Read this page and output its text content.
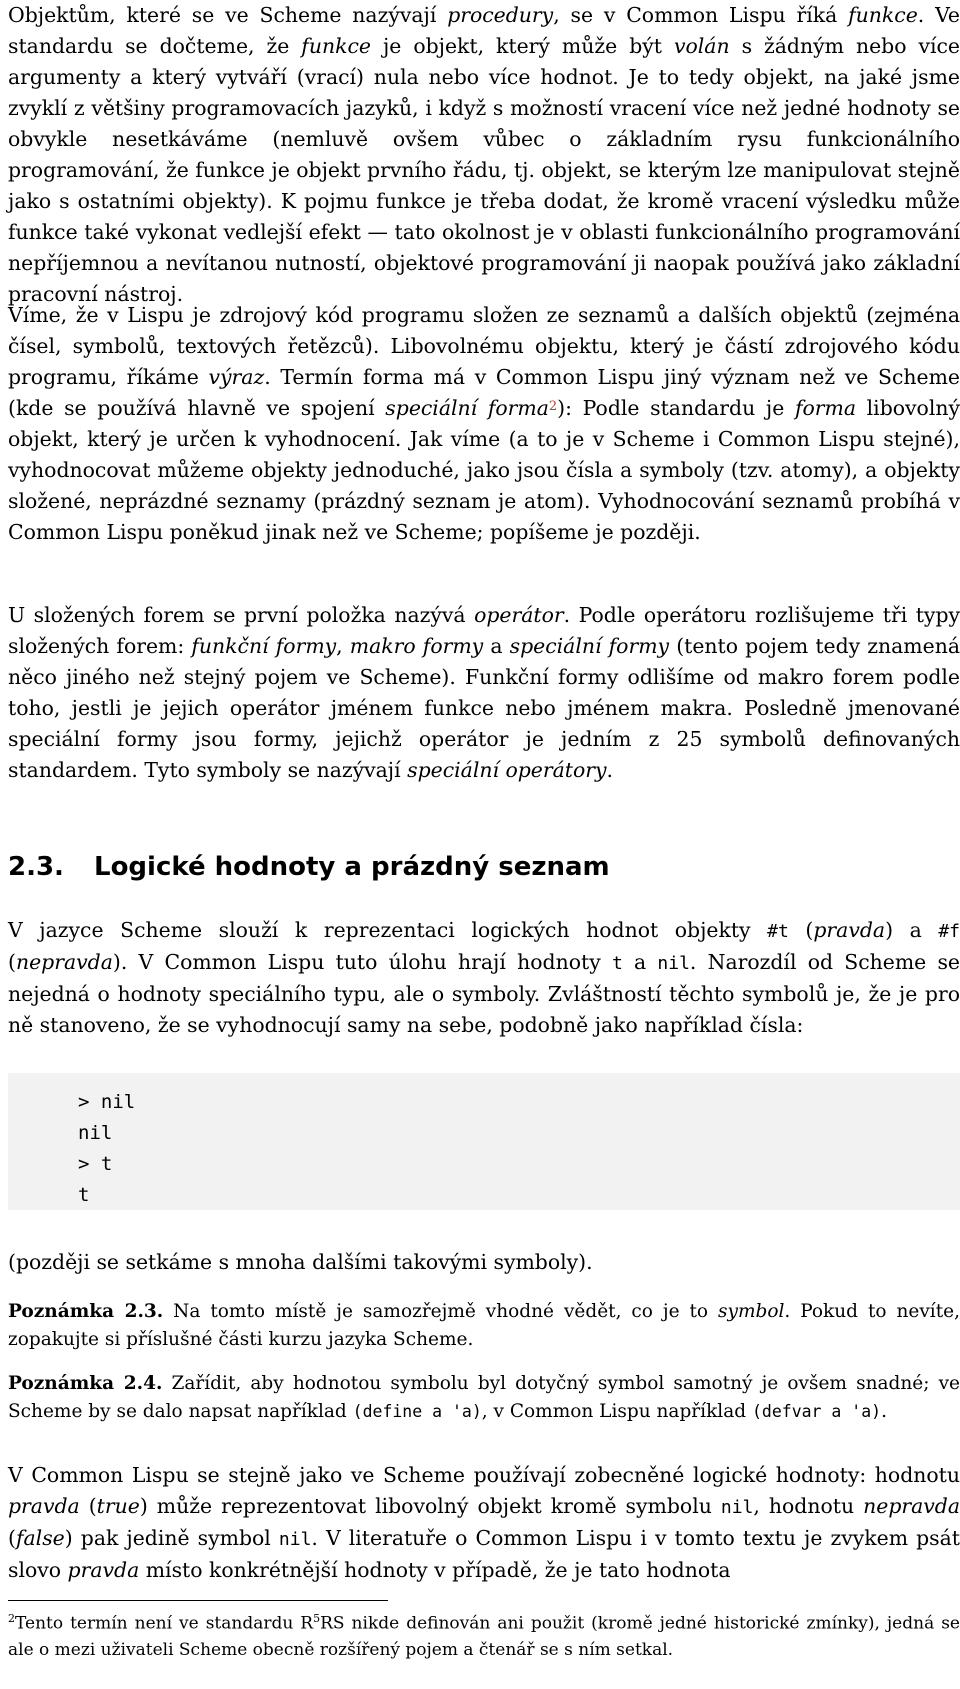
Objektům, které se ve Scheme nazývají procedury, se v Common Lispu říká funkce. Ve standardu se dočteme, že funkce je objekt, který může být volán s žádným nebo více argumenty a který vytváří (vrací) nula nebo více hodnot. Je to tedy objekt, na jaké jsme zvyklí z většiny programovacích jazyků, i když s možností vracení více než jedné hodnoty se obvykle nesetkáváme (nemluvě ovšem vůbec o základním rysu funkcionálního programování, že funkce je objekt prvního řádu, tj. objekt, se kterým lze manipulovat stejně jako s ostatními objekty). K pojmu funkce je třeba dodat, že kromě vracení výsledku může funkce také vykonat vedlejší efekt — tato okolnost je v oblasti funkcionálního programování nepříjemnou a nevítanou nutností, objektové programování ji naopak používá jako základní pracovní nástroj.

Víme, že v Lispu je zdrojový kód programu složen ze seznamů a dalších objektů (zejména čísel, symbolů, textových řetězců). Libovolnému objektu, který je částí zdrojového kódu programu, říkáme výraz. Termín forma má v Common Lispu jiný význam než ve Scheme (kde se používá hlavně ve spojení speciální forma$^2$): Podle standardu je forma libovolný objekt, který je určen k vyhodnocení. Jak víme (a to je v Scheme i Common Lispu stejné), vyhodnocovat můžeme objekty jednoduché, jako jsou čísla a symboly (tzv. atomy), a objekty složené, neprázdné seznamy (prázdný seznam je atom). Vyhodnocování seznamů probíhá v Common Lispu poněkud jinak než ve Scheme; popíšeme je později.

U složených forem se první položka nazývá operátor. Podle operátoru rozlišujeme tři typy složených forem: funkční formy, makro formy a speciální formy (tento pojem tedy znamená něco jiného než stejný pojem ve Scheme). Funkční formy odlišíme od makro forem podle toho, jestli je jejich operátor jménem funkce nebo jménem makra. Posledně jmenované speciální formy jsou formy, jejichž operátor je jedním z 25 symbolů definovaných standardem. Tyto symboly se nazývají speciální operátory.

2.3. Logické hodnoty a prázdný seznam

V jazyce Scheme slouží k reprezentaci logických hodnot objekty #t (pravda) a #f (nepravda). V Common Lispu tuto úlohu hrají hodnoty t a nil. Narozdíl od Scheme se nejedná o hodnoty speciálního typu, ale o symboly. Zvláštností těchto symbolů je, že je pro ně stanoveno, že se vyhodnocují samy na sebe, podobně jako například čísla:

> nil
nil
> t
t

(později se setkáme s mnoha dalšími takovými symboly).

Poznámka 2.3. Na tomto místě je samozřejmě vhodné vědět, co je to symbol. Pokud to nevíte, zopakujte si příslušné části kurzu jazyka Scheme.

Poznámka 2.4. Zařídit, aby hodnotou symbolu byl dotyčný symbol samotný je ovšem snadné; ve Scheme by se dalo napsat například (define a 'a), v Common Lispu například (defvar a 'a).

V Common Lispu se stejně jako ve Scheme používají zobecněné logické hodnoty: hodnotu pravda (true) může reprezentovat libovolný objekt kromě symbolu nil, hodnotu nepravda (false) pak jedině symbol nil. V literatuře o Common Lispu i v tomto textu je zvykem psát slovo pravda místo konkrétnější hodnoty v případě, že je tato hodnota

$^2$Tento termín není ve standardu $R^5RS$ nikde definován ani použit (kromě jedné historické zmínky), jedná se ale o mezi uživateli Scheme obecně rozšířený pojem a čtenář se s ním setkal.
